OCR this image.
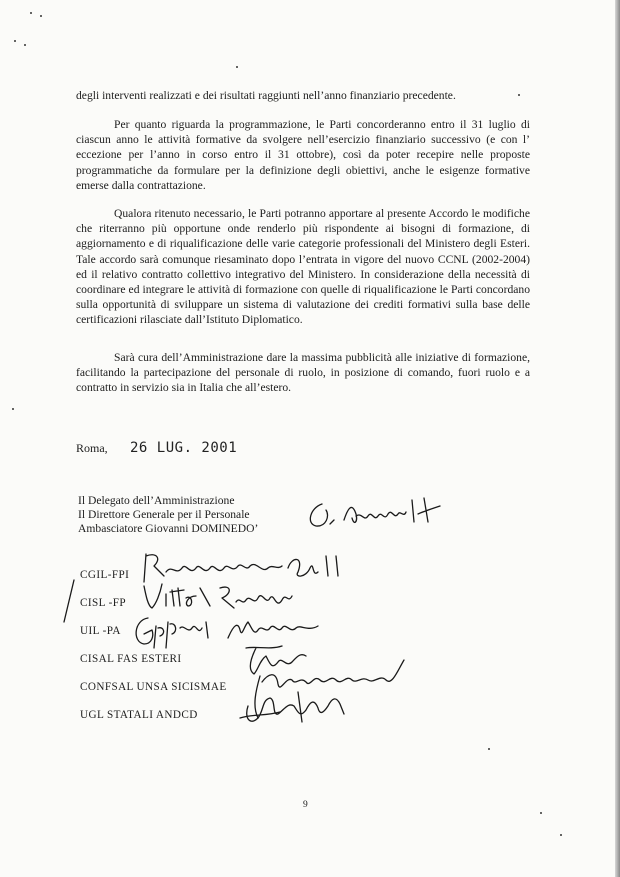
degli interventi realizzati e dei risultati raggiunti nell’anno finanziario precedente.

Per quanto riguarda la programmazione, le Parti concorderanno entro il 31 luglio di ciascun anno le attività formative da svolgere nell’esercizio finanziario successivo (e con l’ eccezione per l’anno in corso entro il 31 ottobre), così da poter recepire nelle proposte programmatiche da formulare per la definizione degli obiettivi, anche le esigenze formative emerse dalla contrattazione.

Qualora ritenuto necessario, le Parti potranno apportare al presente Accordo le modifiche che riterranno più opportune onde renderlo più rispondente ai bisogni di formazione, di aggiornamento e di riqualificazione delle varie categorie professionali del Ministero degli Esteri. Tale accordo sarà comunque riesaminato dopo l’entrata in vigore del nuovo CCNL (2002-2004) ed il relativo contratto collettivo integrativo del Ministero. In considerazione della necessità di coordinare ed integrare le attività di formazione con quelle di riqualificazione le Parti concordano sulla opportunità di sviluppare un sistema di valutazione dei crediti formativi sulla base delle certificazioni rilasciate dall’Istituto Diplomatico.

Sarà cura dell’Amministrazione dare la massima pubblicità alle iniziative di formazione, facilitando la partecipazione del personale di ruolo, in posizione di comando, fuori ruolo e a contratto in servizio sia in Italia che all’estero.

Roma, 26 LUG. 2001
Il Delegato dell’Amministrazione
Il Direttore Generale per il Personale
Ambasciatore Giovanni DOMINEDO’
CGIL-FPI
CISL -FP
UIL -PA
CISAL FAS ESTERI
CONFSAL UNSA SICISMAE
UGL STATALI ANDCD
9
